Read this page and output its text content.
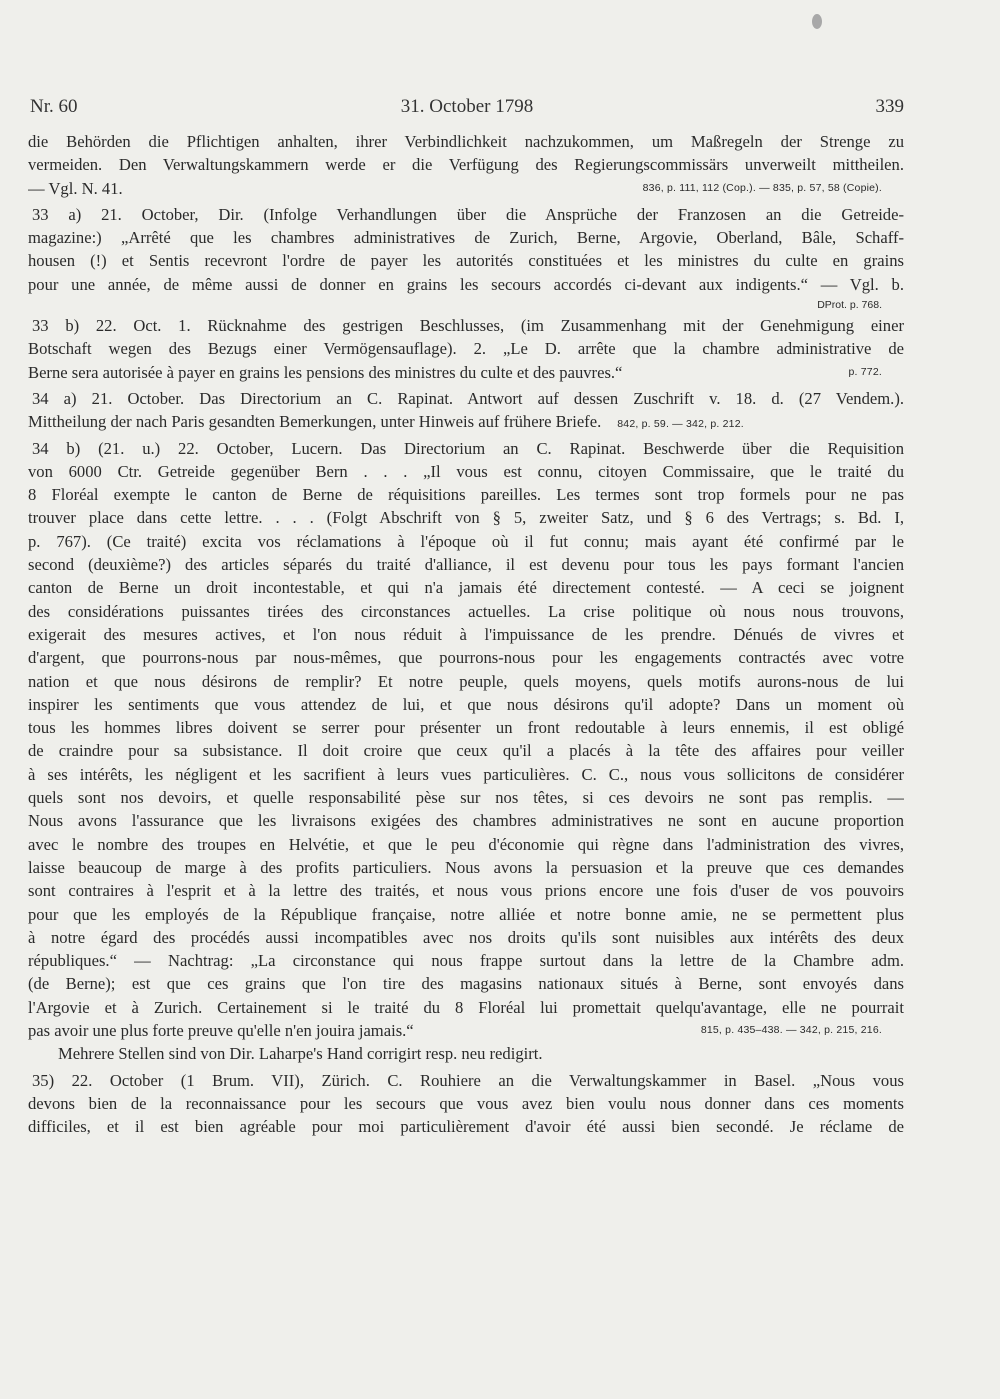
Nr. 60	31. October 1798	339
die Behörden die Pflichtigen anhalten, ihrer Verbindlichkeit nachzukommen, um Maßregeln der Strenge zu
vermeiden. Den Verwaltungskammern werde er die Verfügung des Regierungscommissärs unverweilt mittheilen.
— Vgl. N. 41.	836, p. 111, 112 (Cop.). — 835, p. 57, 58 (Copie).
33 a) 21. October, Dir. (Infolge Verhandlungen über die Ansprüche der Franzosen an die Getreide-
magazine:) „Arrêté que les chambres administratives de Zurich, Berne, Argovie, Oberland, Bâle, Schaff-
housen (!) et Sentis recevront l'ordre de payer les autorités constituées et les ministres du culte en grains
pour une année, de même aussi de donner en grains les secours accordés ci-devant aux indigents.“ — Vgl. b.
DProt. p. 768.
33 b) 22. Oct. 1. Rücknahme des gestrigen Beschlusses, (im Zusammenhang mit der Genehmigung einer
Botschaft wegen des Bezugs einer Vermögensauflage). 2. „Le D. arrête que la chambre administrative de
Berne sera autorisée à payer en grains les pensions des ministres du culte et des pauvres.“	p. 772.
34 a) 21. October. Das Directorium an C. Rapinat. Antwort auf dessen Zuschrift v. 18. d. (27 Vendem.).
Mittheilung der nach Paris gesandten Bemerkungen, unter Hinweis auf frühere Briefe. 842, p. 59. — 342, p. 212.
34 b) (21. u.) 22. October, Lucern. Das Directorium an C. Rapinat. Beschwerde über die Requisition
von 6000 Ctr. Getreide gegenüber Bern . . . „Il vous est connu, citoyen Commissaire, que le traité du
8 Floréal exempte le canton de Berne de réquisitions pareilles. Les termes sont trop formels pour ne pas
trouver place dans cette lettre. . . . (Folgt Abschrift von § 5, zweiter Satz, und § 6 des Vertrags; s. Bd. I,
p. 767). (Ce traité) excita vos réclamations à l'époque où il fut connu; mais ayant été confirmé par le
second (deuxième?) des articles séparés du traité d'alliance, il est devenu pour tous les pays formant l'ancien
canton de Berne un droit incontestable, et qui n'a jamais été directement contesté. — A ceci se joignent
des considérations puissantes tirées des circonstances actuelles. La crise politique où nous nous trouvons,
exigerait des mesures actives, et l'on nous réduit à l'impuissance de les prendre. Dénués de vivres et
d'argent, que pourrons-nous par nous-mêmes, que pourrons-nous pour les engagements contractés avec votre
nation et que nous désirons de remplir? Et notre peuple, quels moyens, quels motifs aurons-nous de lui
inspirer les sentiments que vous attendez de lui, et que nous désirons qu'il adopte? Dans un moment où
tous les hommes libres doivent se serrer pour présenter un front redoutable à leurs ennemis, il est obligé
de craindre pour sa subsistance. Il doit croire que ceux qu'il a placés à la tête des affaires pour veiller
à ses intérêts, les négligent et les sacrifient à leurs vues particulières. C. C., nous vous sollicitons de considérer
quels sont nos devoirs, et quelle responsabilité pèse sur nos têtes, si ces devoirs ne sont pas remplis. —
Nous avons l'assurance que les livraisons exigées des chambres administratives ne sont en aucune proportion
avec le nombre des troupes en Helvétie, et que le peu d'économie qui règne dans l'administration des vivres,
laisse beaucoup de marge à des profits particuliers. Nous avons la persuasion et la preuve que ces demandes
sont contraires à l'esprit et à la lettre des traités, et nous vous prions encore une fois d'user de vos pouvoirs
pour que les employés de la République française, notre alliée et notre bonne amie, ne se permettent plus
à notre égard des procédés aussi incompatibles avec nos droits qu'ils sont nuisibles aux intérêts des deux
républiques.“ — Nachtrag: „La circonstance qui nous frappe surtout dans la lettre de la Chambre adm.
(de Berne); est que ces grains que l'on tire des magasins nationaux situés à Berne, sont envoyés dans
l'Argovie et à Zurich. Certainement si le traité du 8 Floréal lui promettait quelqu'avantage, elle ne pourrait
pas avoir une plus forte preuve qu'elle n'en jouira jamais.“	815, p. 435–438. — 342, p. 215, 216.
Mehrere Stellen sind von Dir. Laharpe's Hand corrigirt resp. neu redigirt.
35) 22. October (1 Brum. VII), Zürich. C. Rouhiere an die Verwaltungskammer in Basel. „Nous vous
devons bien de la reconnaissance pour les secours que vous avez bien voulu nous donner dans ces moments
difficiles, et il est bien agréable pour moi particulièrement d'avoir été aussi bien secondé. Je réclame de
